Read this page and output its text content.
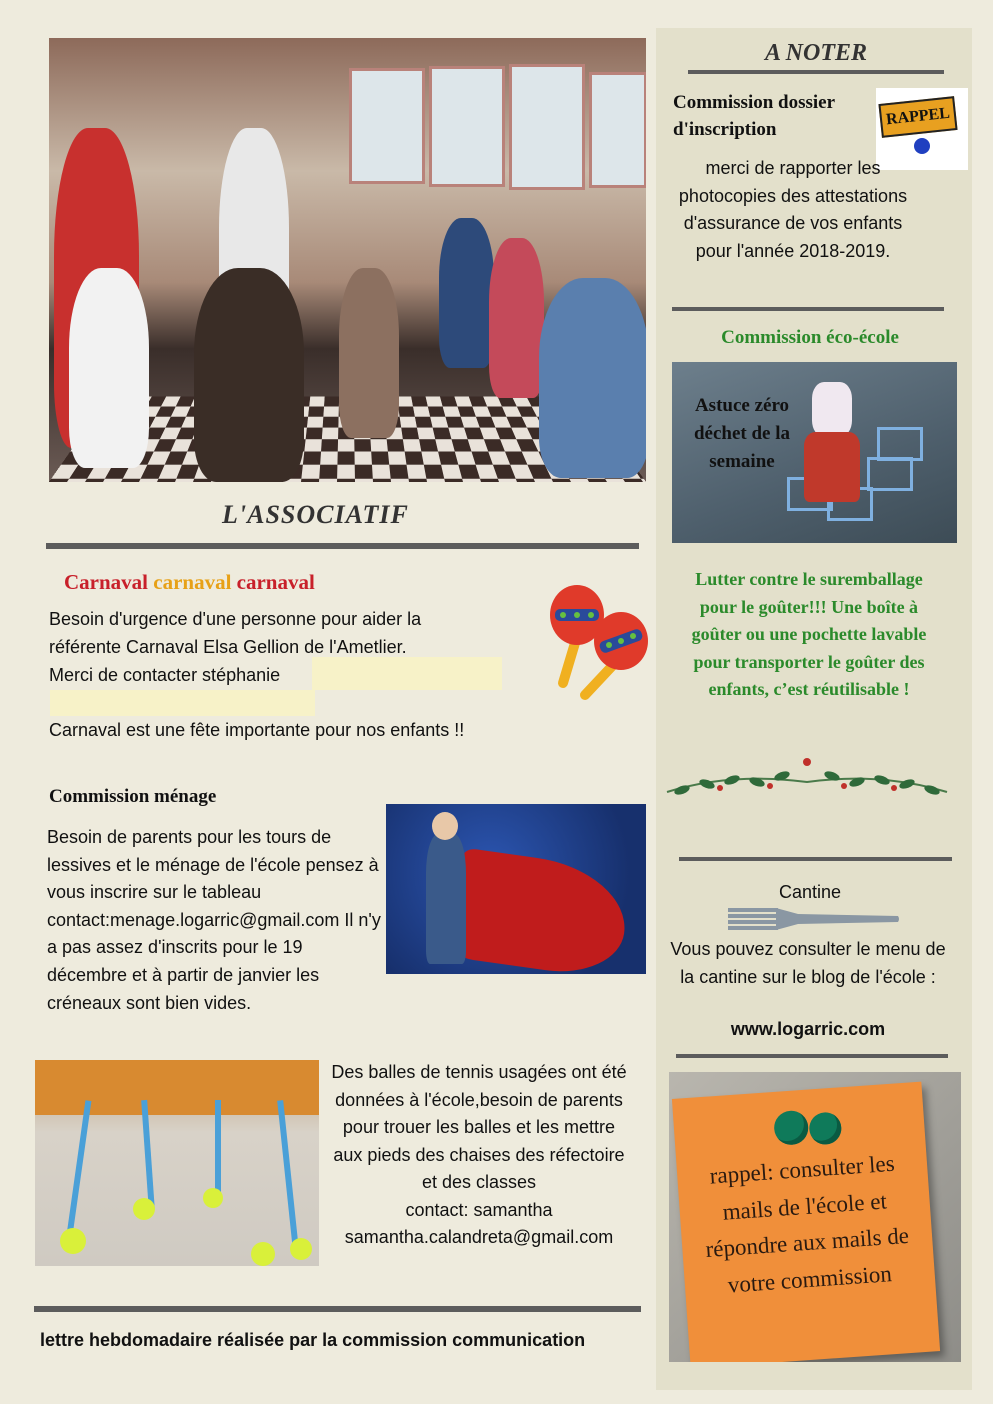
L'ASSOCIATIF
Carnaval carnaval carnaval

Besoin d'urgence d'une personne pour aider la référente Carnaval Elsa Gellion de l'Ametlier.

Merci de contacter stéphanie

Carnaval est une fête importante pour nos enfants !!

Commission ménage

Besoin de parents pour les tours de lessives et le ménage de l'école pensez à vous inscrire sur le tableau contact:menage.logarric@gmail.com Il n'y a pas assez d'inscrits pour le 19 décembre et à partir de janvier les créneaux sont bien vides.

Des balles de tennis usagées ont été données à l'école,besoin de parents pour trouer les balles et les mettre aux pieds des chaises des réfectoire et des classes

contact: samantha

samantha.calandreta@gmail.com

lettre hebdomadaire réalisée par la commission communication
A NOTER

Commission dossier d'inscription

RAPPEL

merci de rapporter les photocopies des attestations d'assurance de vos enfants pour l'année 2018-2019.

Commission éco-école

Astuce zéro déchet de la semaine

Lutter contre le suremballage pour le goûter!!! Une boîte à goûter ou une pochette lavable pour transporter le goûter des enfants, c’est réutilisable !

Cantine

Vous pouvez consulter le menu de la cantine sur le blog de l'école :

www.logarric.com

rappel: consulter les mails de l'école et répondre aux mails de votre commission
